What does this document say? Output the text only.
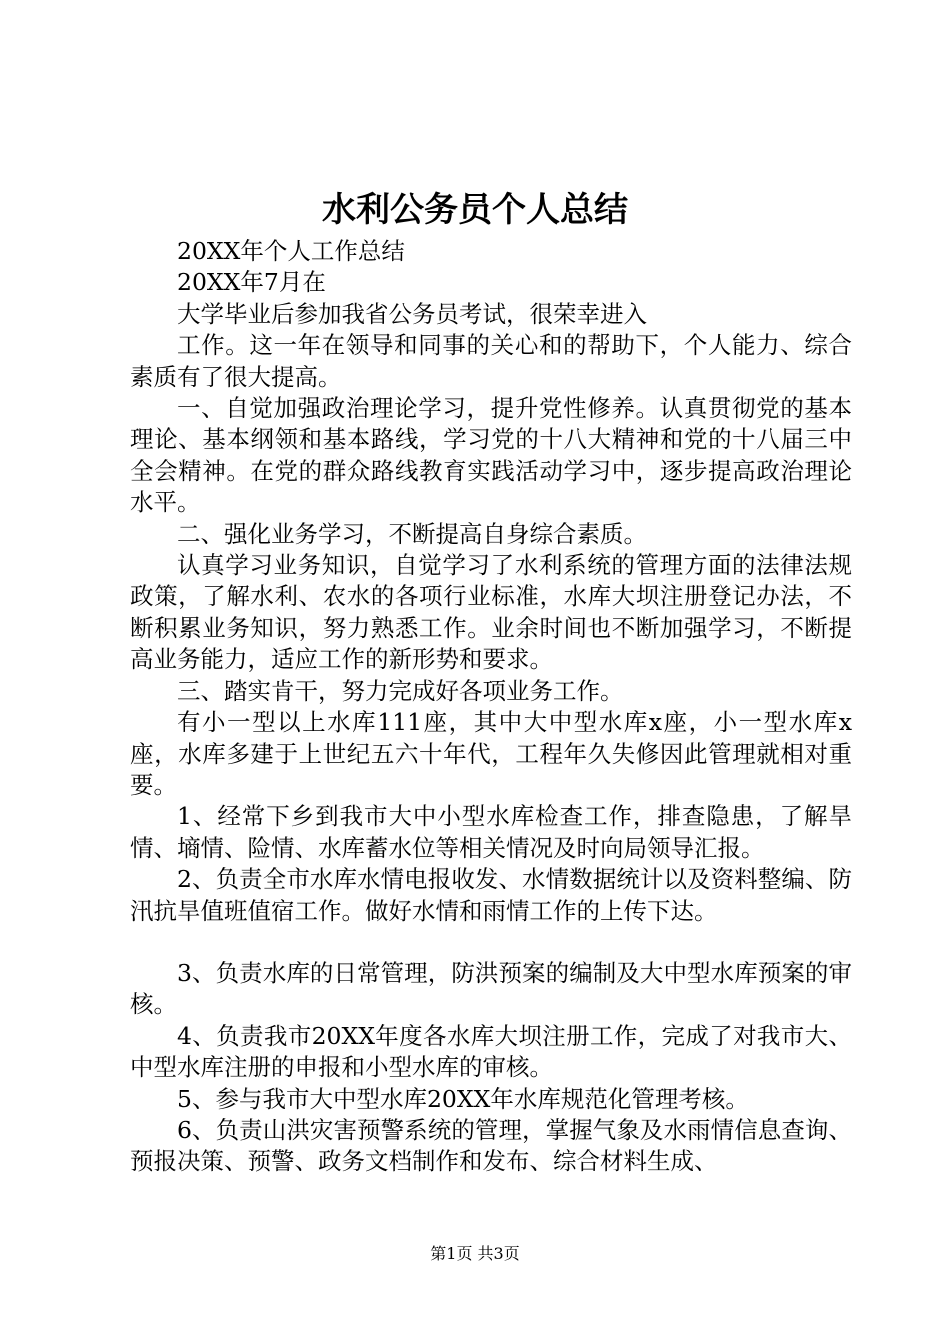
水利公务员个人总结

20XX年个人工作总结

20XX年7月在

大学毕业后参加我省公务员考试，很荣幸进入

工作。这一年在领导和同事的关心和的帮助下，个人能力、综合素质有了很大提高。

一、自觉加强政治理论学习，提升党性修养。认真贯彻党的基本理论、基本纲领和基本路线，学习党的十八大精神和党的十八届三中全会精神。在党的群众路线教育实践活动学习中，逐步提高政治理论水平。

二、强化业务学习，不断提高自身综合素质。

认真学习业务知识，自觉学习了水利系统的管理方面的法律法规政策，了解水利、农水的各项行业标准，水库大坝注册登记办法，不断积累业务知识，努力熟悉工作。业余时间也不断加强学习，不断提高业务能力，适应工作的新形势和要求。

三、踏实肯干，努力完成好各项业务工作。

有小一型以上水库111座，其中大中型水库x座，小一型水库x座，水库多建于上世纪五六十年代，工程年久失修因此管理就相对重要。

1、经常下乡到我市大中小型水库检查工作，排查隐患，了解旱情、墒情、险情、水库蓄水位等相关情况及时向局领导汇报。

2、负责全市水库水情电报收发、水情数据统计以及资料整编、防汛抗旱值班值宿工作。做好水情和雨情工作的上传下达。

3、负责水库的日常管理，防洪预案的编制及大中型水库预案的审核。

4、负责我市20XX年度各水库大坝注册工作，完成了对我市大、中型水库注册的申报和小型水库的审核。

5、参与我市大中型水库20XX年水库规范化管理考核。

6、负责山洪灾害预警系统的管理，掌握气象及水雨情信息查询、预报决策、预警、政务文档制作和发布、综合材料生成、

第1页 共3页
